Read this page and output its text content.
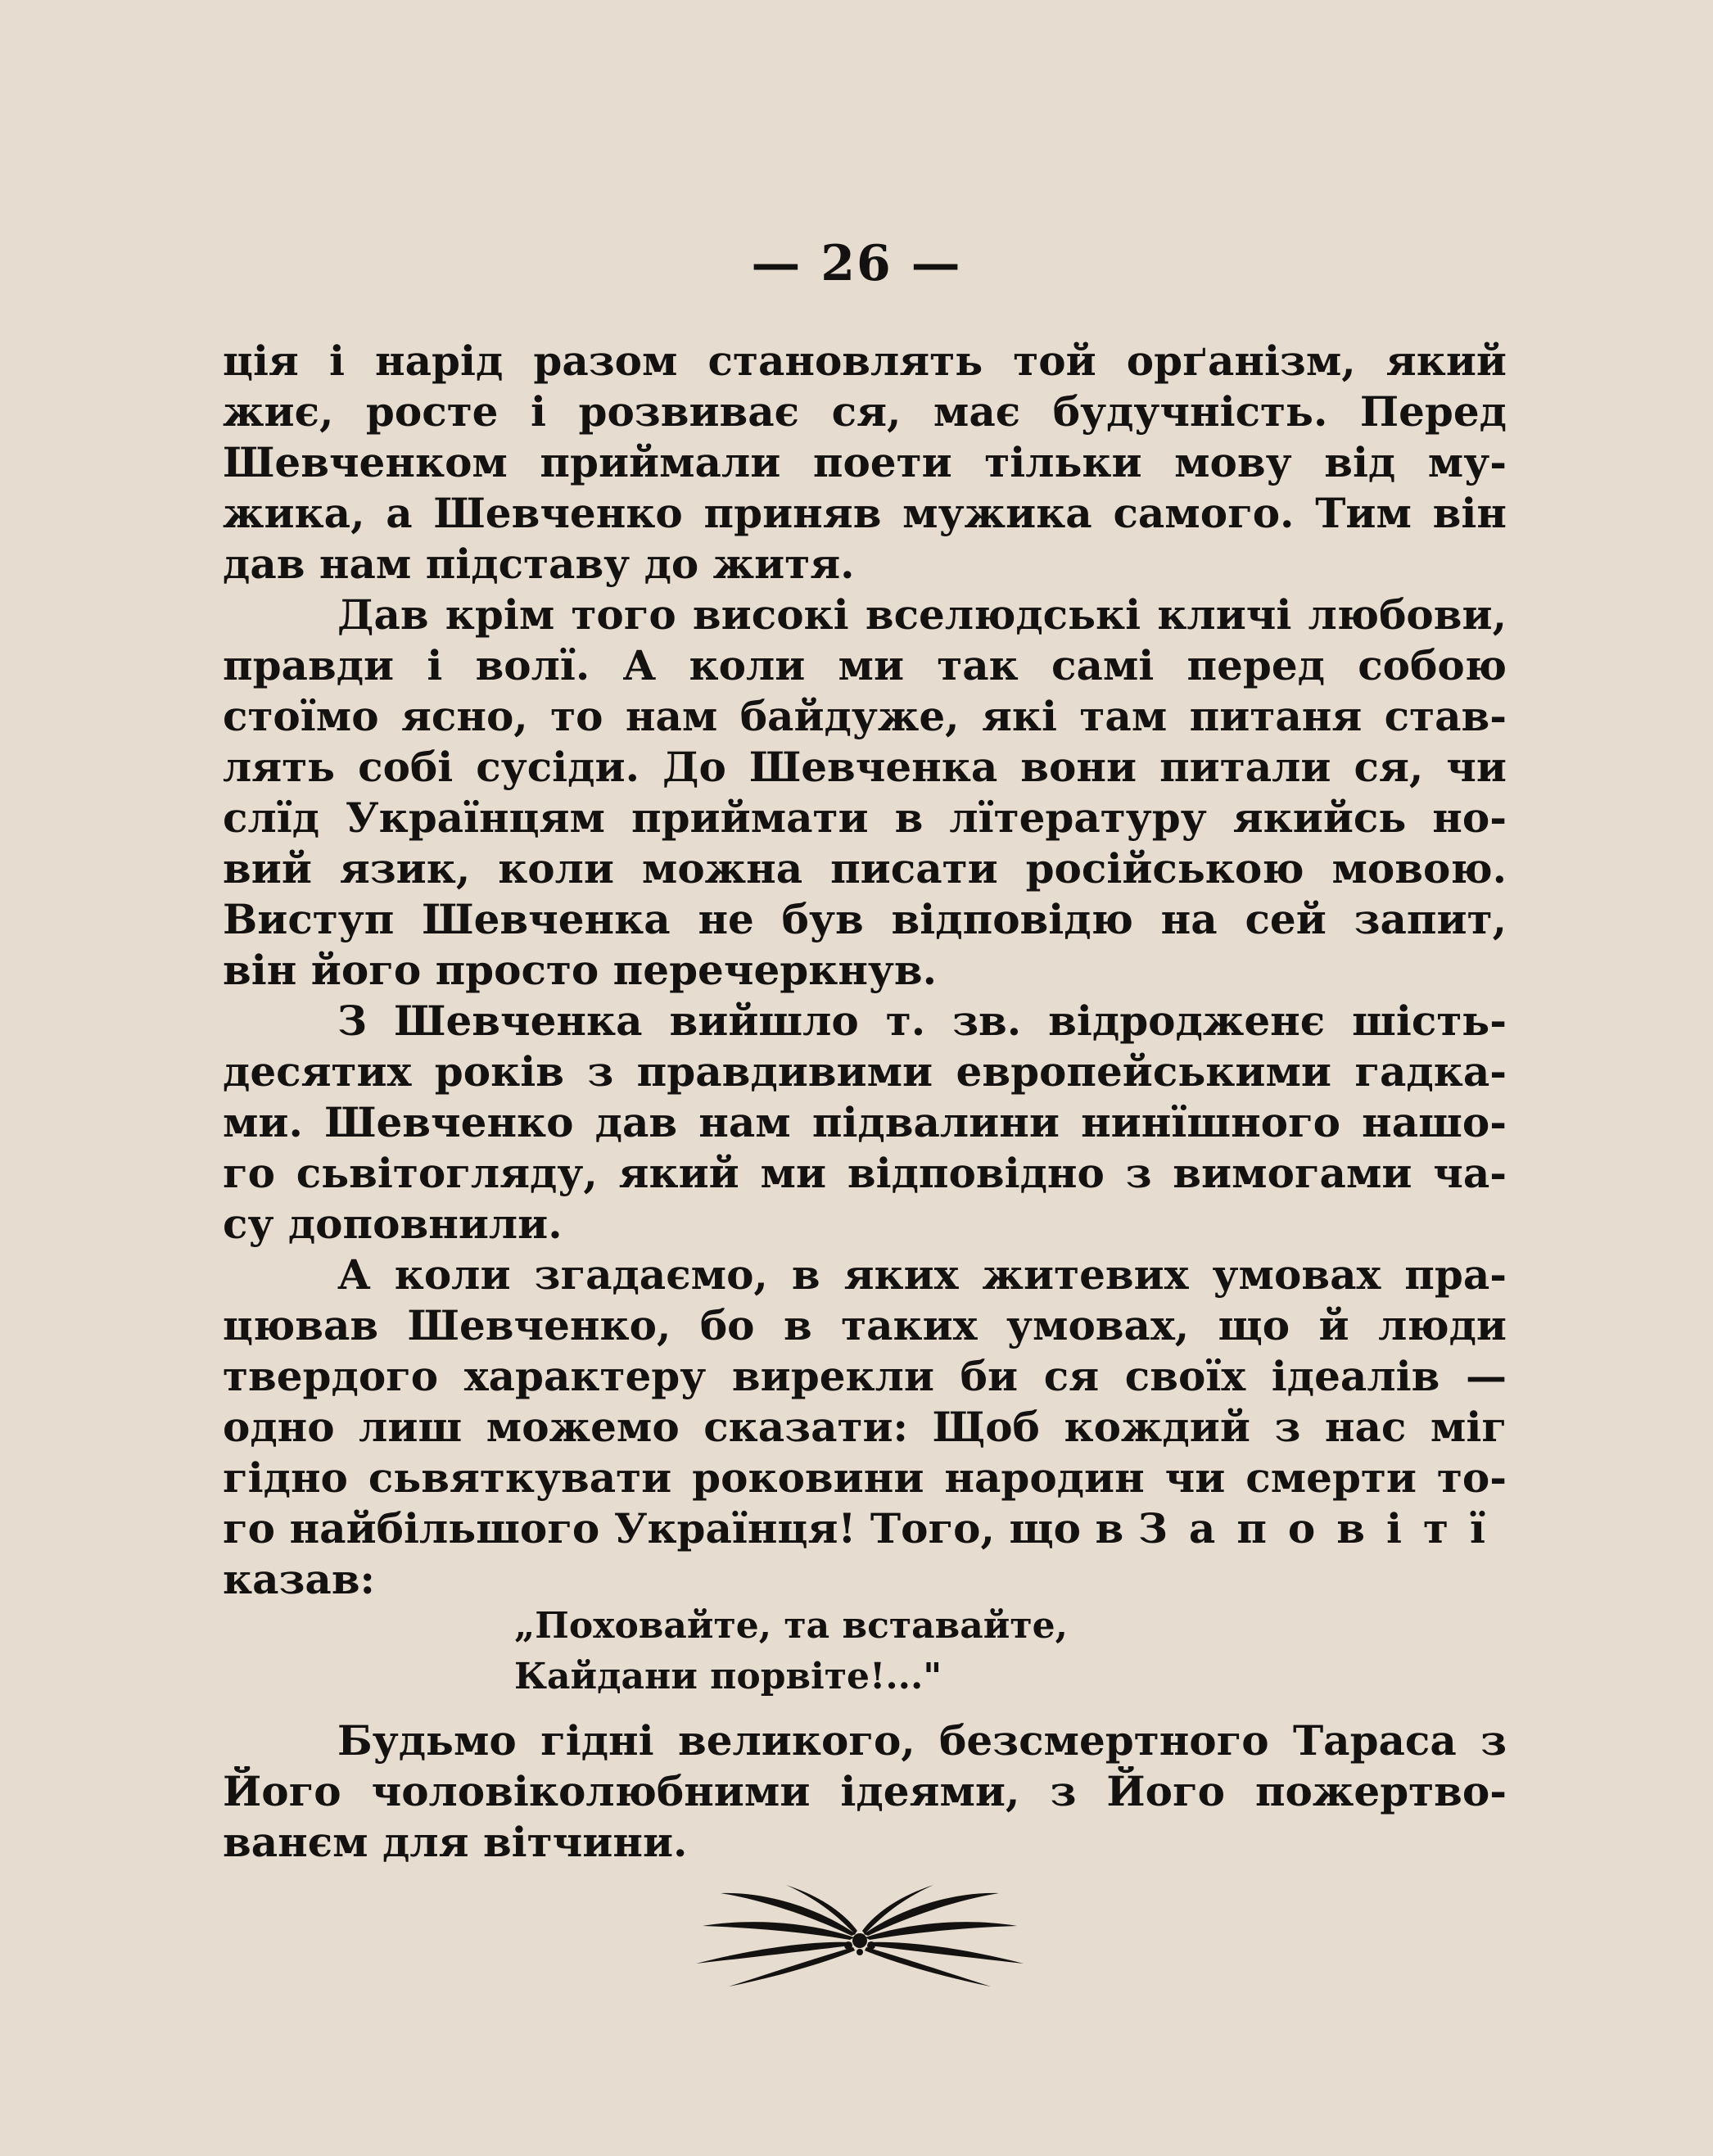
— 26 —
ція і нарід разом становлять той орґанізм, який
жиє, росте і розвиває ся, має будучність. Перед
Шевченком приймали поети тільки мову від му-
жика, а Шевченко приняв мужика самого. Тим він
дав нам підставу до житя.
Дав крім того високі вселюдські кличі любови,
правди і волї. А коли ми так самі перед собою
стоїмо ясно, то нам байдуже, які там питаня став-
лять собі сусіди. До Шевченка вони питали ся, чи
слїд Українцям приймати в лїтературу якийсь но-
вий язик, коли можна писати російською мовою.
Виступ Шевченка не був відповідю на сей запит,
він його просто перечеркнув.
З Шевченка вийшло т. зв. відродженє шість-
десятих років з правдивими европейськими гадка-
ми. Шевченко дав нам підвалини нинїшного нашо-
го сьвітогляду, який ми відповідно з вимогами ча-
су доповнили.
А коли згадаємо, в яких житевих умовах пра-
цював Шевченко, бо в таких умовах, що й люди
твердого характеру вирекли би ся своїх ідеалів —
одно лиш можемо сказати: Щоб кождий з нас міг
гідно сьвяткувати роковини народин чи смерти то-
го найбільшого Українця! Того, що в Заповітї
казав:
„Поховайте, та вставайте,
Кайдани порвіте!..."
Будьмо гідні великого, безсмертного Тараса з
Його чоловіколюбними ідеями, з Його пожертво-
ванєм для вітчини.
